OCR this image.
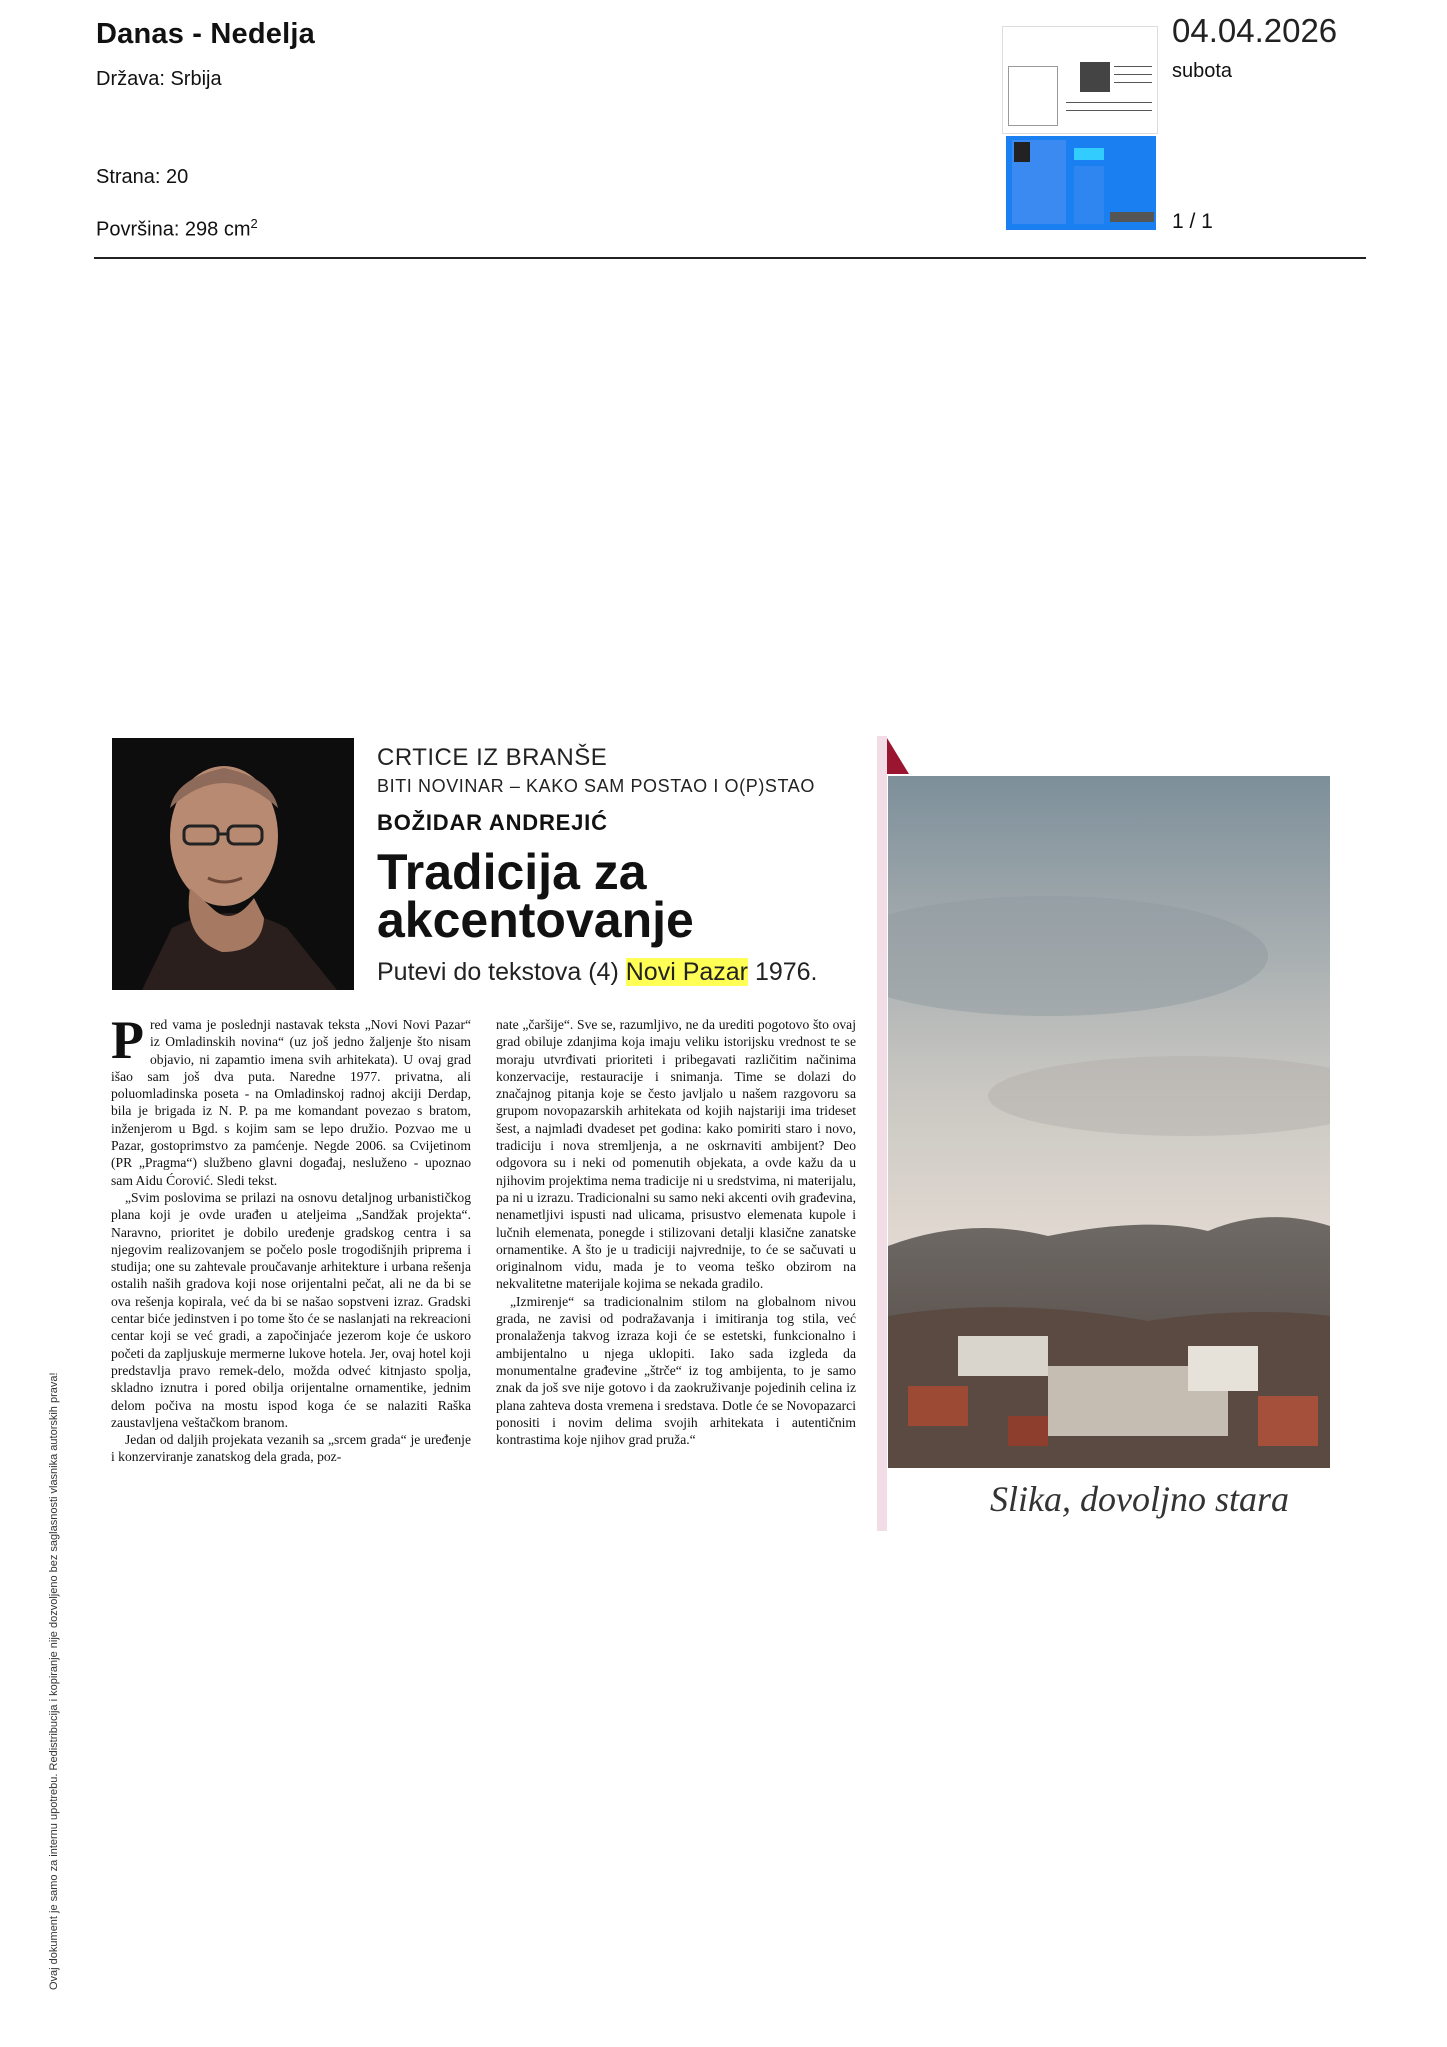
Danas - Nedelja
Država: Srbija
Strana: 20
Površina: 298 $cm^2$
04.04.2026
subota
1 / 1
Ovaj dokument je samo za internu upotrebu. Redistribucija i kopiranje nije dozvoljeno bez saglasnosti vlasnika autorskih prava!
CRTICE IZ BRANŠE
BITI NOVINAR – KAKO SAM POSTAO I O(P)STAO
BOŽIDAR ANDREJIĆ
Tradicija za akcentovanje
Putevi do tekstova (4) Novi Pazar 1976.

Pred vama je poslednji nastavak teksta „Novi Novi Pazar“ iz Omladinskih novina“ (uz još jedno žaljenje što nisam objavio, ni zapamtio imena svih arhitekata). U ovaj grad išao sam još dva puta. Naredne 1977. privatna, ali poluomladinska poseta - na Omladinskoj radnoj akciji Derdap, bila je brigada iz N. P. pa me komandant povezao s bratom, inženjerom u Bgd. s kojim sam se lepo družio. Pozvao me u Pazar, gostoprimstvo za pamćenje. Negde 2006. sa Cvijetinom (PR „Pragma“) službeno glavni događaj, nesluženo - upoznao sam Aidu Ćorović. Sledi tekst.

„Svim poslovima se prilazi na osnovu detaljnog urbanističkog plana koji je ovde urađen u ateljeima „Sandžak projekta“. Naravno, prioritet je dobilo uređenje gradskog centra i sa njegovim realizovanjem se počelo posle trogodišnjih priprema i studija; one su zahtevale proučavanje arhitekture i urbana rešenja ostalih naših gradova koji nose orijentalni pečat, ali ne da bi se ova rešenja kopirala, već da bi se našao sopstveni izraz. Gradski centar biće jedinstven i po tome što će se naslanjati na rekreacioni centar koji se već gradi, a započinjaće jezerom koje će uskoro početi da zapljuskuje mermerne lukove hotela. Jer, ovaj hotel koji predstavlja pravo remek-delo, možda odveć kitnjasto spolja, skladno iznutra i pored obilja orijentalne ornamentike, jednim delom počiva na mostu ispod koga će se nalaziti Raška zaustavljena veštačkom branom.

Jedan od daljih projekata vezanih sa „srcem grada“ je uređenje i konzerviranje zanatskog dela grada, poz-

nate „čaršije“. Sve se, razumljivo, ne da urediti pogotovo što ovaj grad obiluje zdanjima koja imaju veliku istorijsku vrednost te se moraju utvrđivati prioriteti i pribegavati različitim načinima konzervacije, restauracije i snimanja. Time se dolazi do značajnog pitanja koje se često javljalo u našem razgovoru sa grupom novopazarskih arhitekata od kojih najstariji ima trideset šest, a najmlađi dvadeset pet godina: kako pomiriti staro i novo, tradiciju i nova stremljenja, a ne oskrnaviti ambijent? Deo odgovora su i neki od pomenutih objekata, a ovde kažu da u njihovim projektima nema tradicije ni u sredstvima, ni materijalu, pa ni u izrazu. Tradicionalni su samo neki akcenti ovih građevina, nenametljivi ispusti nad ulicama, prisustvo elemenata kupole i lučnih elemenata, ponegde i stilizovani detalji klasične zanatske ornamentike. A što je u tradiciji najvrednije, to će se sačuvati u originalnom vidu, mada je to veoma teško obzirom na nekvalitetne materijale kojima se nekada gradilo.

„Izmirenje“ sa tradicionalnim stilom na globalnom nivou grada, ne zavisi od podražavanja i imitiranja tog stila, već pronalaženja takvog izraza koji će se estetski, funkcionalno i ambijentalno u njega uklopiti. Iako sada izgleda da monumentalne građevine „štrče“ iz tog ambijenta, to je samo znak da još sve nije gotovo i da zaokruživanje pojedinih celina iz plana zahteva dosta vremena i sredstava. Dotle će se Novopazarci ponositi i novim delima svojih arhitekata i autentičnim kontrastima koje njihov grad pruža.“

Slika, dovoljno stara
